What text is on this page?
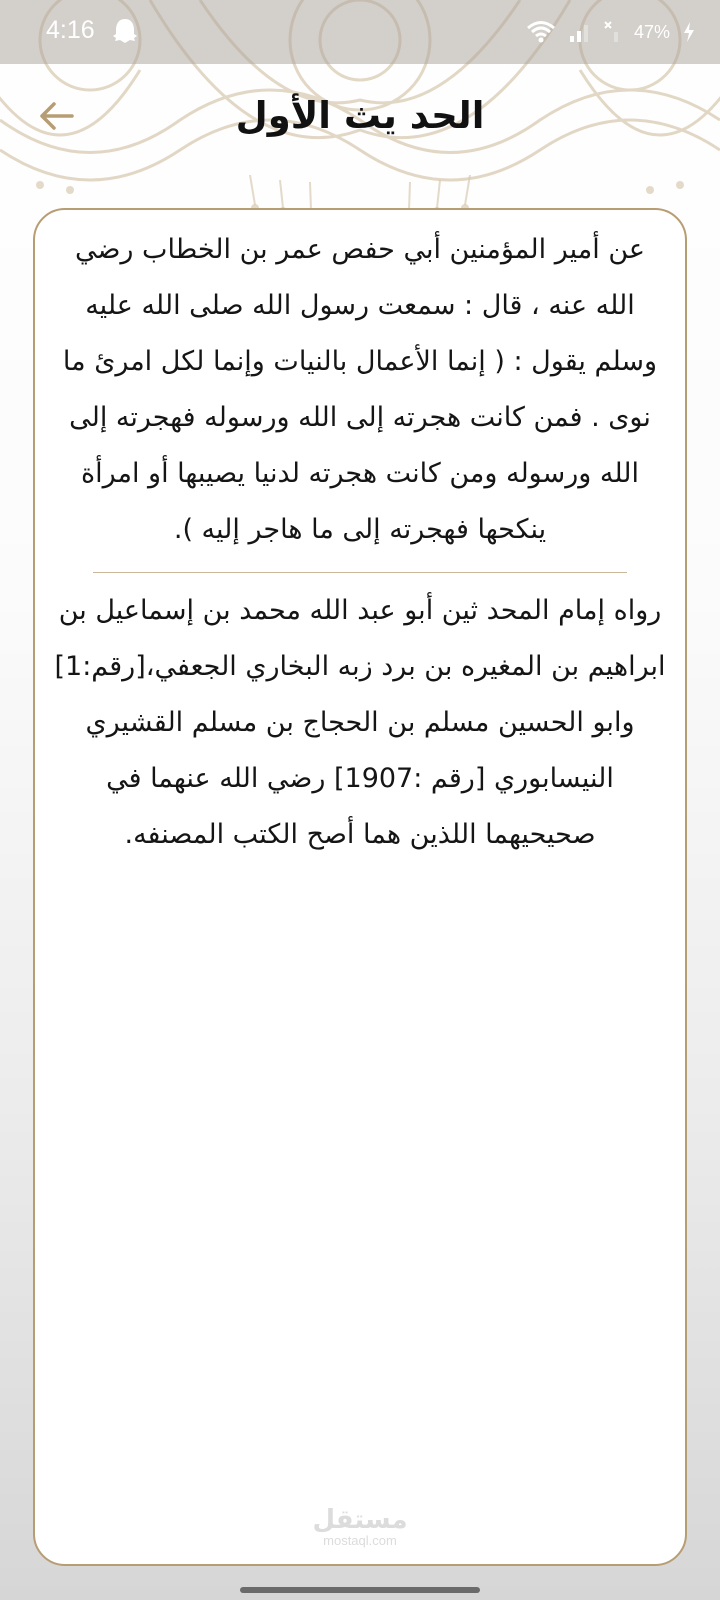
4:16	47%
الحد يث الأول

عن أمير المؤمنين أبي حفص عمر بن الخطاب رضي الله عنه ، قال : سمعت رسول الله صلى الله عليه وسلم يقول : ( إنما الأعمال بالنيات وإنما لكل امرئ ما نوى . فمن كانت هجرته إلى الله ورسوله فهجرته إلى الله ورسوله ومن كانت هجرته لدنيا يصيبها أو امرأة ينكحها فهجرته إلى ما هاجر إليه ).

رواه إمام المحد ثين أبو عبد الله محمد بن إسماعيل بن ابراهيم بن المغيره بن برد زبه البخاري الجعفي،[رقم:1] وابو الحسين مسلم بن الحجاج بن مسلم القشيري النيسابوري [رقم :1907] رضي الله عنهما في صحيحيهما اللذين هما أصح الكتب المصنفه.

مستقل
mostaql.com
